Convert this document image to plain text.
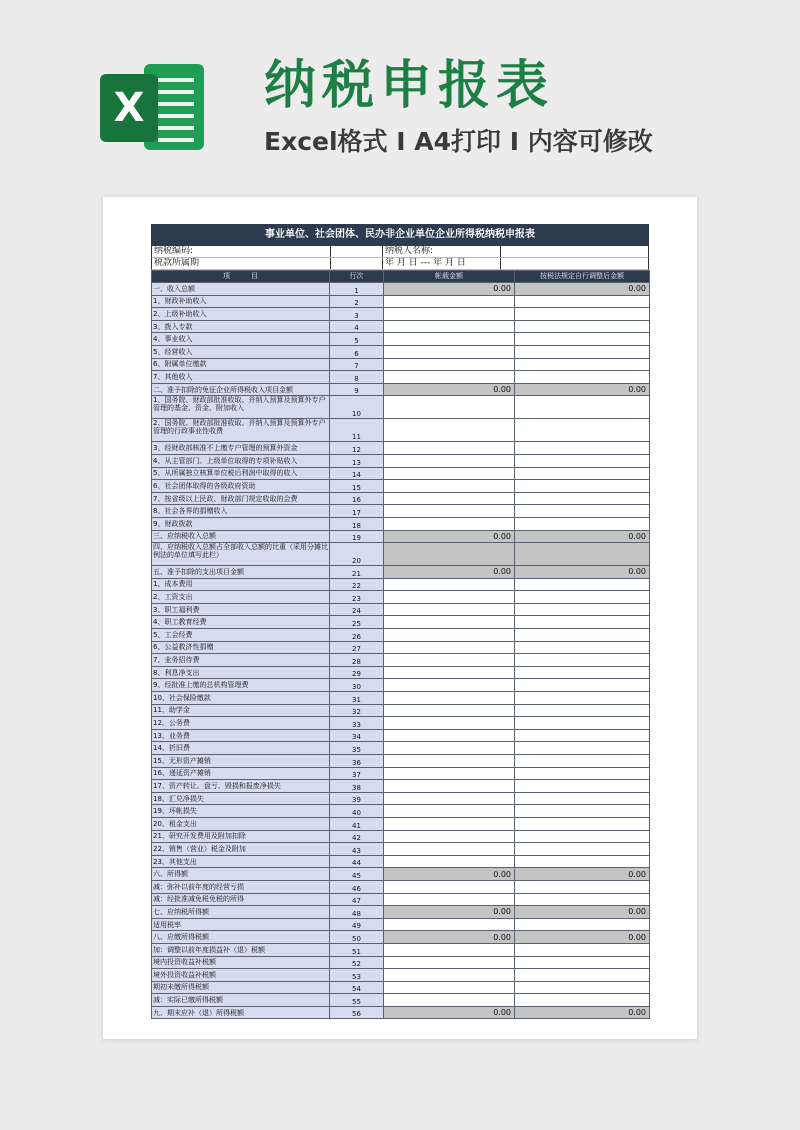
X 纳税申报表
Excel格式 Ⅰ A4打印 Ⅰ 内容可修改
事业单位、社会团体、民办非企业单位企业所得税纳税申报表
纳税编码:	纳税人名称:
税款所属期	年 月 日 --- 年 月 日
项　　　目	行次	帐载金额	按税法规定自行调整后金额
一、收入总额	1	0.00	0.00
1、财政补助收入	2		
2、上级补助收入	3		
3、拨入专款	4		
4、事业收入	5		
5、经营收入	6		
6、附属单位缴款	7		
7、其他收入	8		
二、准予扣除的免征企业所得税收入项目金额	9	0.00	0.00
1、国务院、财政部批准收取、并纳入预算及预算外专户管理的基金、资金、附加收入	10		
2、国务院、财政部批准收取、并纳入预算及预算外专户管理的行政事业性收费	11		
3、经财政部核准不上缴专户管理的预算外资金	12		
4、从主管部门、上级单位取得的专项补贴收入	13		
5、从所属独立核算单位税后利润中取得的收入	14		
6、社会团体取得的各级政府资助	15		
7、按省级以上民政、财政部门规定收取的会费	16		
8、社会各界的捐赠收入	17		
9、财政拨款	18		
三、应纳税收入总额	19	0.00	0.00
四、应纳税收入总额占全部收入总额的比重（采用分摊比例法的单位填写此栏）	20		
五、准予扣除的支出项目金额	21	0.00	0.00
1、成本费用	22		
2、工资支出	23		
3、职工福利费	24		
4、职工教育经费	25		
5、工会经费	26		
6、公益救济性捐赠	27		
7、业务招待费	28		
8、利息净支出	29		
9、经批准上缴的总机构管理费	30		
10、社会保险缴款	31		
11、助学金	32		
12、公务费	33		
13、业务费	34		
14、折旧费	35		
15、无形资产摊销	36		
16、递延资产摊销	37		
17、资产转让、盘亏、毁损和报废净损失	38		
18、汇兑净损失	39		
19、坏帐损失	40		
20、租金支出	41		
21、研究开发费用及附加扣除	42		
22、销售（营业）税金及附加	43		
23、其他支出	44		
六、所得额	45	0.00	0.00
减：弥补以前年度的经营亏损	46		
减：经批准减免税免税的所得	47		
七、应纳税所得额	48	0.00	0.00
适用税率	49		
八、应缴所得税额	50	0.00	0.00
加：调整以前年度损益补（退）税额	51		
境内投资收益补税额	52		
境外投资收益补税额	53		
期初未缴所得税额	54		
减：实际已缴所得税额	55		
九、期末应补（退）所得税额	56	0.00	0.00
